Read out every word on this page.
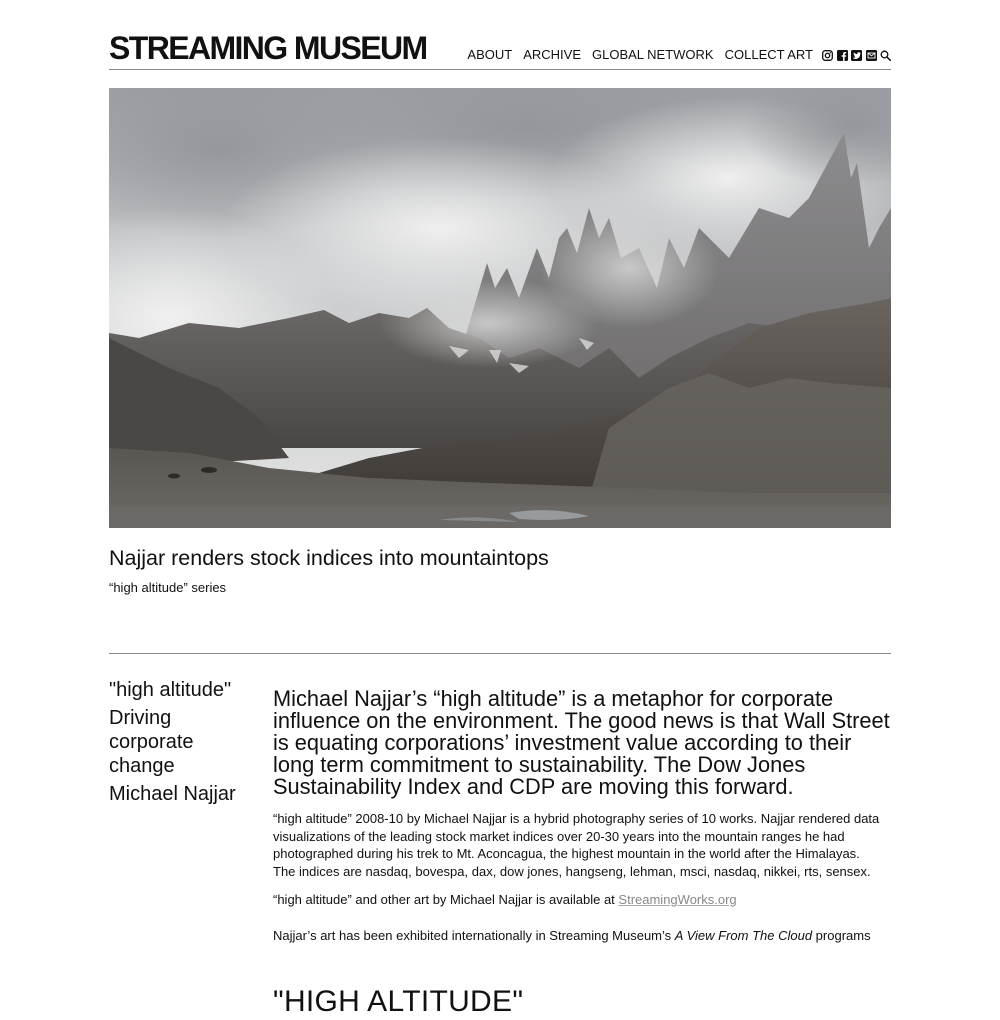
STREAMING MUSEUM	ABOUT ARCHIVE GLOBAL NETWORK COLLECT ART
Najjar renders stock indices into mountaintops
“high altitude” series
"high altitude"
Driving corporate change
Michael Najjar
Michael Najjar’s “high altitude” is a metaphor for corporate influence on the environment. The good news is that Wall Street is equating corporations’ investment value according to their long term commitment to sustainability. The Dow Jones Sustainability Index and CDP are moving this forward.
“high altitude” 2008-10 by Michael Najjar is a hybrid photography series of 10 works. Najjar rendered data visualizations of the leading stock market indices over 20-30 years into the mountain ranges he had photographed during his trek to Mt. Aconcagua, the highest mountain in the world after the Himalayas. The indices are nasdaq, bovespa, dax, dow jones, hangseng, lehman, msci, nasdaq, nikkei, rts, sensex.
“high altitude” and other art by Michael Najjar is available at StreamingWorks.org
Najjar’s art has been exhibited internationally in Streaming Museum’s A View From The Cloud programs
"HIGH ALTITUDE"
